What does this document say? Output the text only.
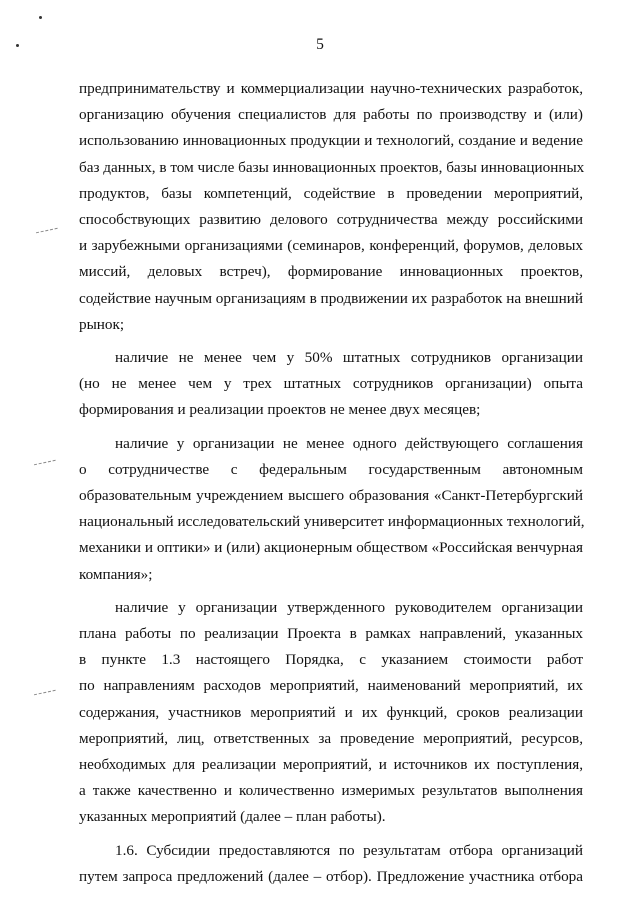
5

предпринимательству и коммерциализации научно-технических разработок,
организацию обучения специалистов для работы по производству и (или)
использованию инновационных продукции и технологий, создание и ведение
баз данных, в том числе базы инновационных проектов, базы инновационных
продуктов, базы компетенций, содействие в проведении мероприятий,
способствующих развитию делового сотрудничества между российскими
и зарубежными организациями (семинаров, конференций, форумов, деловых
миссий, деловых встреч), формирование инновационных проектов,
содействие научным организациям в продвижении их разработок на внешний
рынок;

наличие не менее чем у 50% штатных сотрудников организации
(но не менее чем у трех штатных сотрудников организации) опыта
формирования и реализации проектов не менее двух месяцев;

наличие у организации не менее одного действующего соглашения
о сотрудничестве с федеральным государственным автономным
образовательным учреждением высшего образования «Санкт-Петербургский
национальный исследовательский университет информационных технологий,
механики и оптики» и (или) акционерным обществом «Российская венчурная
компания»;

наличие у организации утвержденного руководителем организации
плана работы по реализации Проекта в рамках направлений, указанных
в пункте 1.3 настоящего Порядка, с указанием стоимости работ
по направлениям расходов мероприятий, наименований мероприятий, их
содержания, участников мероприятий и их функций, сроков реализации
мероприятий, лиц, ответственных за проведение мероприятий, ресурсов,
необходимых для реализации мероприятий, и источников их поступления,
а также качественно и количественно измеримых результатов выполнения
указанных мероприятий (далее – план работы).

1.6. Субсидии предоставляются по результатам отбора организаций
путем запроса предложений (далее – отбор). Предложение участника отбора
